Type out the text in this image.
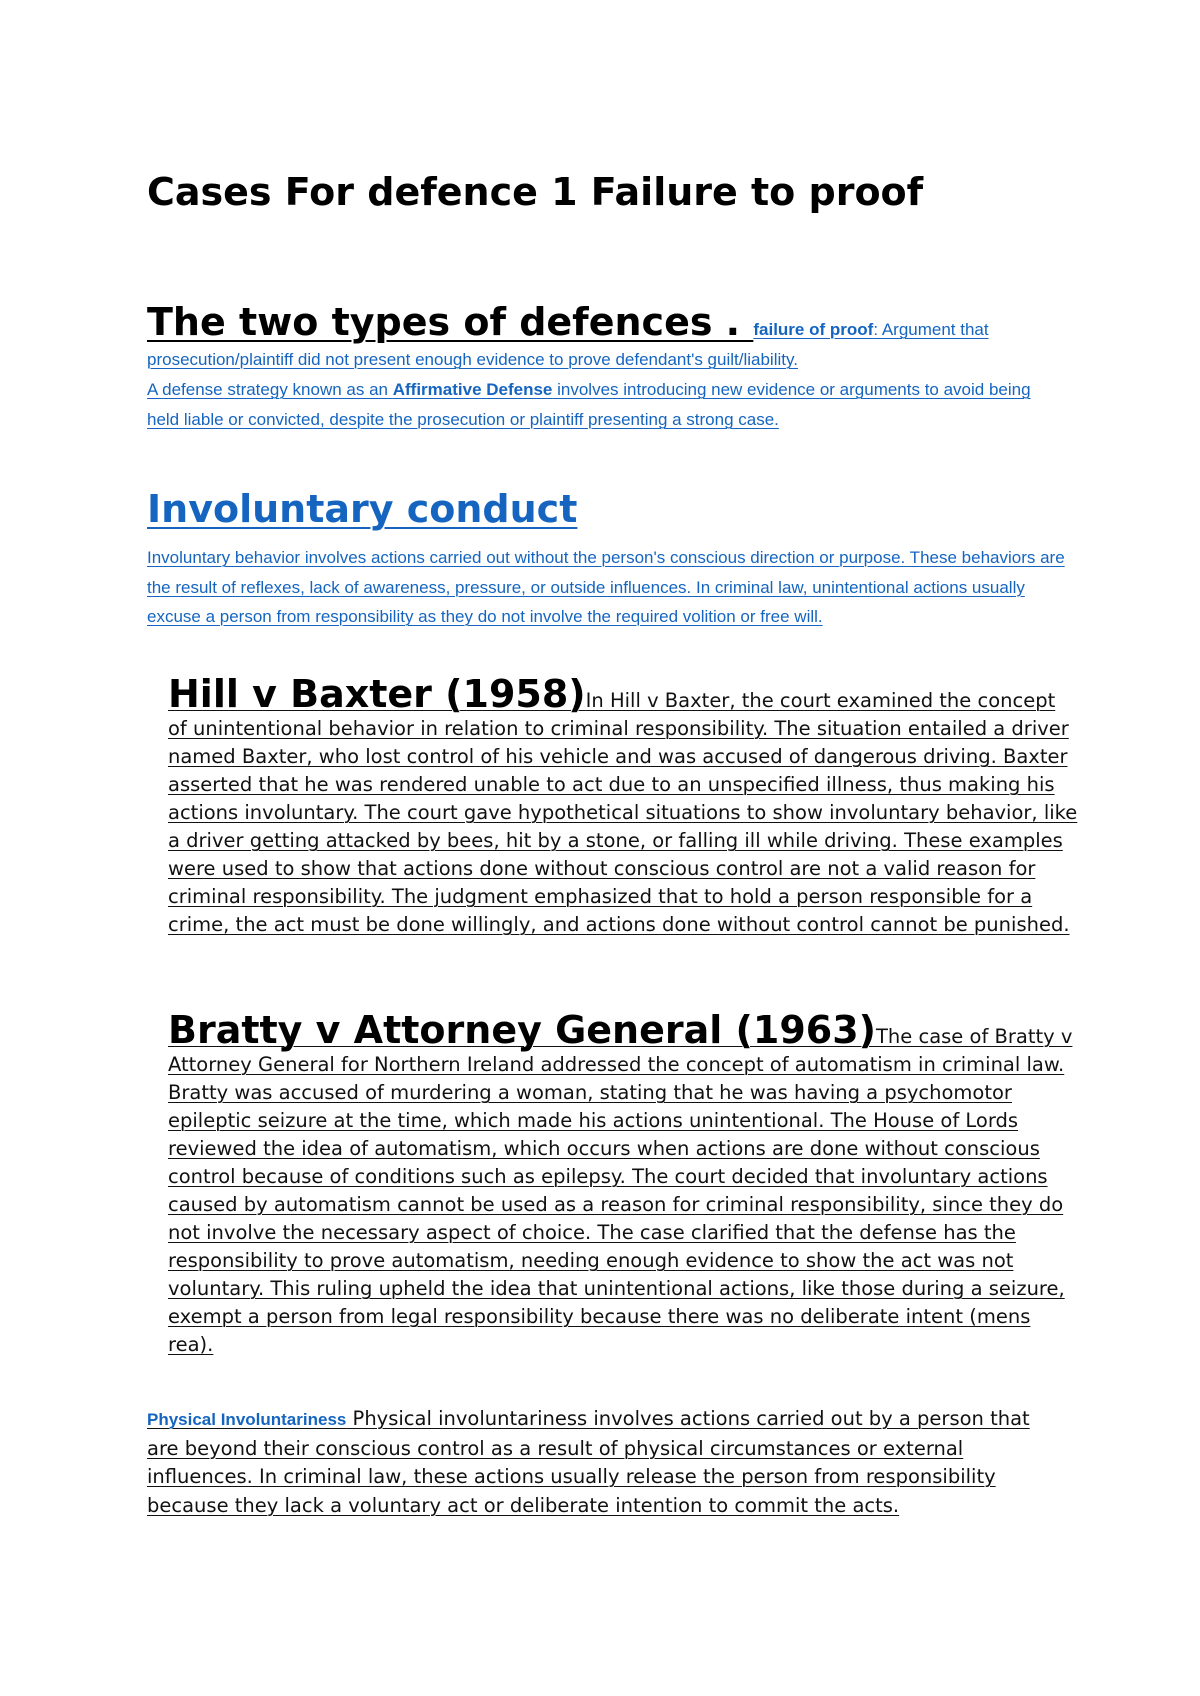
Cases For defence 1 Failure to proof

The two types of defences . failure of proof: Argument that prosecution/plaintiff did not present enough evidence to prove defendant's guilt/liability.
A defense strategy known as an Affirmative Defense involves introducing new evidence or arguments to avoid being held liable or convicted, despite the prosecution or plaintiff presenting a strong case.

Involuntary conduct

Involuntary behavior involves actions carried out without the person's conscious direction or purpose. These behaviors are the result of reflexes, lack of awareness, pressure, or outside influences. In criminal law, unintentional actions usually excuse a person from responsibility as they do not involve the required volition or free will.

Hill v Baxter (1958)In Hill v Baxter, the court examined the concept of unintentional behavior in relation to criminal responsibility. The situation entailed a driver named Baxter, who lost control of his vehicle and was accused of dangerous driving. Baxter asserted that he was rendered unable to act due to an unspecified illness, thus making his actions involuntary. The court gave hypothetical situations to show involuntary behavior, like a driver getting attacked by bees, hit by a stone, or falling ill while driving. These examples were used to show that actions done without conscious control are not a valid reason for criminal responsibility. The judgment emphasized that to hold a person responsible for a crime, the act must be done willingly, and actions done without control cannot be punished.

Bratty v Attorney General (1963)The case of Bratty v Attorney General for Northern Ireland addressed the concept of automatism in criminal law. Bratty was accused of murdering a woman, stating that he was having a psychomotor epileptic seizure at the time, which made his actions unintentional. The House of Lords reviewed the idea of automatism, which occurs when actions are done without conscious control because of conditions such as epilepsy. The court decided that involuntary actions caused by automatism cannot be used as a reason for criminal responsibility, since they do not involve the necessary aspect of choice. The case clarified that the defense has the responsibility to prove automatism, needing enough evidence to show the act was not voluntary. This ruling upheld the idea that unintentional actions, like those during a seizure, exempt a person from legal responsibility because there was no deliberate intent (mens rea).

Physical Involuntariness Physical involuntariness involves actions carried out by a person that are beyond their conscious control as a result of physical circumstances or external influences. In criminal law, these actions usually release the person from responsibility because they lack a voluntary act or deliberate intention to commit the acts.
